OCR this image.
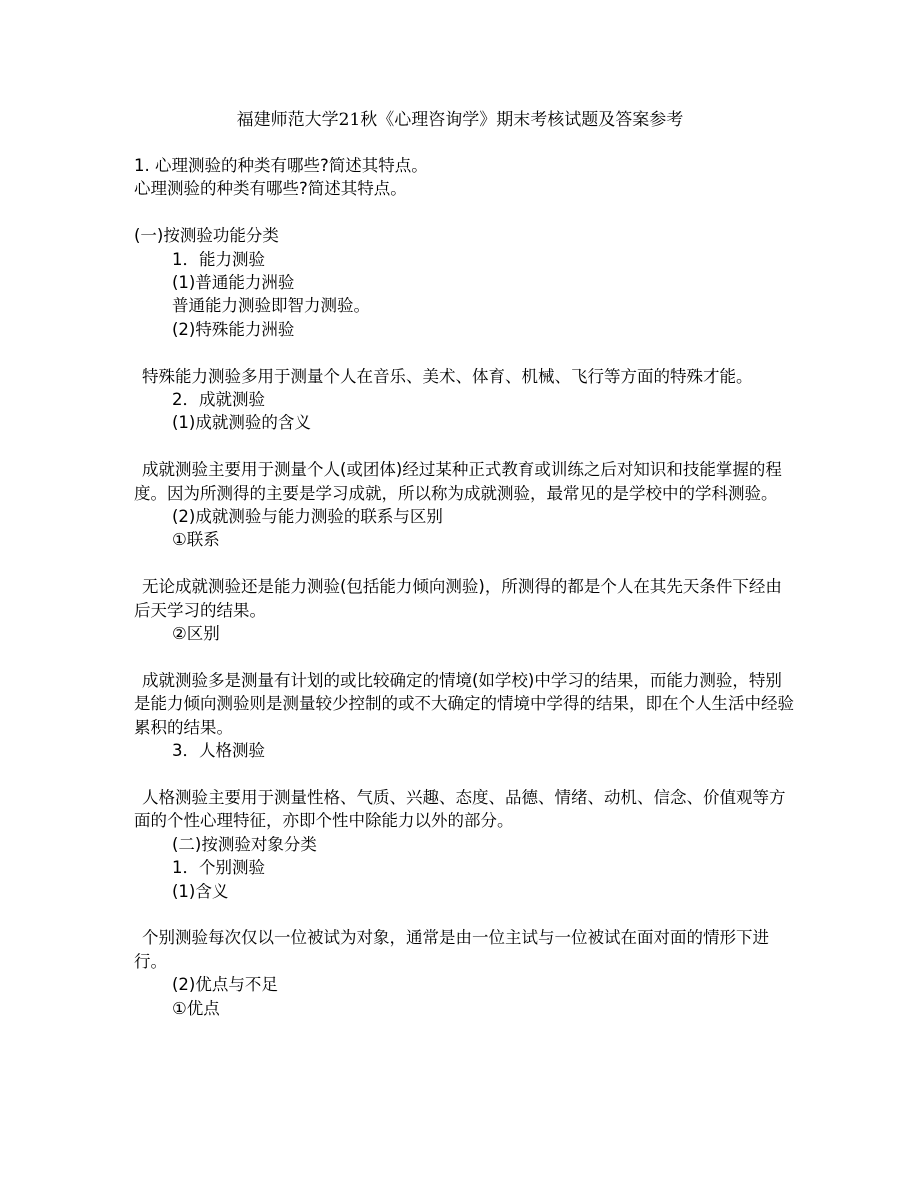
福建师范大学21秋《心理咨询学》期末考核试题及答案参考
1. 心理测验的种类有哪些?简述其特点。
心理测验的种类有哪些?简述其特点。
(一)按测验功能分类
1．能力测验
(1)普通能力洲验
普通能力测验即智力测验。
(2)特殊能力洲验
特殊能力测验多用于测量个人在音乐、美术、体育、机械、飞行等方面的特殊才能。
2．成就测验
(1)成就测验的含义
成就测验主要用于测量个人(或团体)经过某种正式教育或训练之后对知识和技能掌握的程度。因为所测得的主要是学习成就，所以称为成就测验，最常见的是学校中的学科测验。
(2)成就测验与能力测验的联系与区别
①联系
无论成就测验还是能力测验(包括能力倾向测验)，所测得的都是个人在其先天条件下经由后天学习的结果。
②区别
成就测验多是测量有计划的或比较确定的情境(如学校)中学习的结果，而能力测验，特别是能力倾向测验则是测量较少控制的或不大确定的情境中学得的结果，即在个人生活中经验累积的结果。
3．人格测验
人格测验主要用于测量性格、气质、兴趣、态度、品德、情绪、动机、信念、价值观等方面的个性心理特征，亦即个性中除能力以外的部分。
(二)按测验对象分类
1．个别测验
(1)含义
个别测验每次仅以一位被试为对象，通常是由一位主试与一位被试在面对面的情形下进行。
(2)优点与不足
①优点
